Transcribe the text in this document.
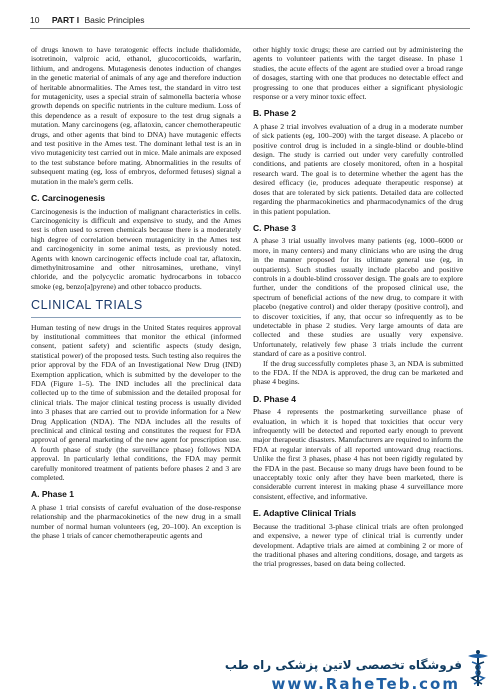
10 PART I Basic Principles

of drugs known to have teratogenic effects include thalidomide, isotretinoin, valproic acid, ethanol, glucocorticoids, warfarin, lithium, and androgens. Mutagenesis denotes induction of changes in the genetic material of animals of any age and therefore induction of heritable abnormalities. The Ames test, the standard in vitro test for mutagenicity, uses a special strain of salmonella bacteria whose growth depends on specific nutrients in the culture medium. Loss of this dependence as a result of exposure to the test drug signals a mutation. Many carcinogens (eg, aflatoxin, cancer chemotherapeutic drugs, and other agents that bind to DNA) have mutagenic effects and test positive in the Ames test. The dominant lethal test is an in vivo mutagenicity test carried out in mice. Male animals are exposed to the test substance before mating. Abnormalities in the results of subsequent mating (eg, loss of embryos, deformed fetuses) signal a mutation in the male's germ cells.

C. Carcinogenesis

Carcinogenesis is the induction of malignant characteristics in cells. Carcinogenicity is difficult and expensive to study, and the Ames test is often used to screen chemicals because there is a moderately high degree of correlation between mutagenicity in the Ames test and carcinogenicity in some animal tests, as previously noted. Agents with known carcinogenic effects include coal tar, aflatoxin, dimethylnitrosamine and other nitrosamines, urethane, vinyl chloride, and the polycyclic aromatic hydrocarbons in tobacco smoke (eg, benzo[a]pyrene) and other tobacco products.

CLINICAL TRIALS

Human testing of new drugs in the United States requires approval by institutional committees that monitor the ethical (informed consent, patient safety) and scientific aspects (study design, statistical power) of the proposed tests. Such testing also requires the prior approval by the FDA of an Investigational New Drug (IND) Exemption application, which is submitted by the developer to the FDA (Figure 1–5). The IND includes all the preclinical data collected up to the time of submission and the detailed proposal for clinical trials. The major clinical testing process is usually divided into 3 phases that are carried out to provide information for a New Drug Application (NDA). The NDA includes all the results of preclinical and clinical testing and constitutes the request for FDA approval of general marketing of the new agent for prescription use. A fourth phase of study (the surveillance phase) follows NDA approval. In particularly lethal conditions, the FDA may permit carefully monitored treatment of patients before phases 2 and 3 are completed.

A. Phase 1

A phase 1 trial consists of careful evaluation of the dose-response relationship and the pharmacokinetics of the new drug in a small number of normal human volunteers (eg, 20–100). An exception is the phase 1 trials of cancer chemotherapeutic agents and

other highly toxic drugs; these are carried out by administering the agents to volunteer patients with the target disease. In phase 1 studies, the acute effects of the agent are studied over a broad range of dosages, starting with one that produces no detectable effect and progressing to one that produces either a significant physiologic response or a very minor toxic effect.

B. Phase 2

A phase 2 trial involves evaluation of a drug in a moderate number of sick patients (eg, 100–200) with the target disease. A placebo or positive control drug is included in a single-blind or double-blind design. The study is carried out under very carefully controlled conditions, and patients are closely monitored, often in a hospital research ward. The goal is to determine whether the agent has the desired efficacy (ie, produces adequate therapeutic response) at doses that are tolerated by sick patients. Detailed data are collected regarding the pharmacokinetics and pharmacodynamics of the drug in this patient population.

C. Phase 3

A phase 3 trial usually involves many patients (eg, 1000–6000 or more, in many centers) and many clinicians who are using the drug in the manner proposed for its ultimate general use (eg, in outpatients). Such studies usually include placebo and positive controls in a double-blind crossover design. The goals are to explore further, under the conditions of the proposed clinical use, the spectrum of beneficial actions of the new drug, to compare it with placebo (negative control) and older therapy (positive control), and to discover toxicities, if any, that occur so infrequently as to be undetectable in phase 2 studies. Very large amounts of data are collected and these studies are usually very expensive. Unfortunately, relatively few phase 3 trials include the current standard of care as a positive control.

If the drug successfully completes phase 3, an NDA is submitted to the FDA. If the NDA is approved, the drug can be marketed and phase 4 begins.

D. Phase 4

Phase 4 represents the postmarketing surveillance phase of evaluation, in which it is hoped that toxicities that occur very infrequently will be detected and reported early enough to prevent major therapeutic disasters. Manufacturers are required to inform the FDA at regular intervals of all reported untoward drug reactions. Unlike the first 3 phases, phase 4 has not been rigidly regulated by the FDA in the past. Because so many drugs have been found to be unacceptably toxic only after they have been marketed, there is considerable current interest in making phase 4 surveillance more consistent, effective, and informative.

E. Adaptive Clinical Trials

Because the traditional 3-phase clinical trials are often prolonged and expensive, a newer type of clinical trial is currently under development. Adaptive trials are aimed at combining 2 or more of the traditional phases and altering conditions, dosage, and targets as the trial progresses, based on data being collected.

فروشگاه تخصصی لاتین پزشکی راه طب
www.RaheTeb.com
